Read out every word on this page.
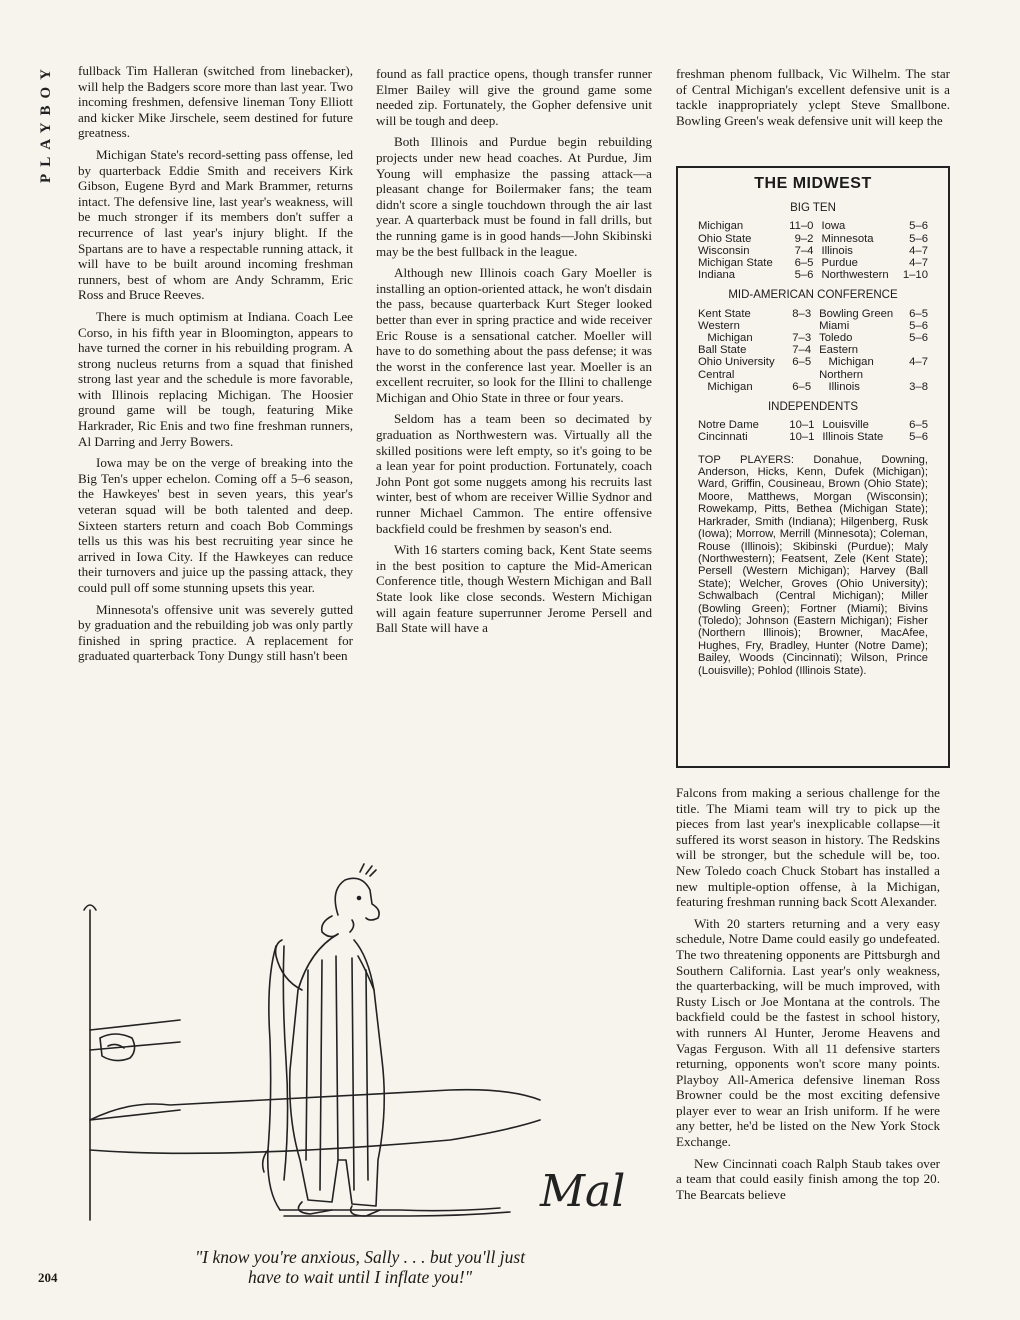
PLAYBOY	fullback Tim Halleran (switched from linebacker), will help the Badgers score more than last year. Two incoming freshmen, defensive lineman Tony Elliott and kicker Mike Jirschele, seem destined for future greatness.

Michigan State's record-setting pass offense, led by quarterback Eddie Smith and receivers Kirk Gibson, Eugene Byrd and Mark Brammer, returns intact. The defensive line, last year's weakness, will be much stronger if its members don't suffer a recurrence of last year's injury blight. If the Spartans are to have a respectable running attack, it will have to be built around incoming freshman runners, best of whom are Andy Schramm, Eric Ross and Bruce Reeves.

There is much optimism at Indiana. Coach Lee Corso, in his fifth year in Bloomington, appears to have turned the corner in his rebuilding program. A strong nucleus returns from a squad that finished strong last year and the schedule is more favorable, with Illinois replacing Michigan. The Hoosier ground game will be tough, featuring Mike Harkrader, Ric Enis and two fine freshman runners, Al Darring and Jerry Bowers.

Iowa may be on the verge of breaking into the Big Ten's upper echelon. Coming off a 5–6 season, the Hawkeyes' best in seven years, this year's veteran squad will be both talented and deep. Sixteen starters return and coach Bob Commings tells us this was his best recruiting year since he arrived in Iowa City. If the Hawkeyes can reduce their turnovers and juice up the passing attack, they could pull off some stunning upsets this year.

Minnesota's offensive unit was severely gutted by graduation and the rebuilding job was only partly finished in spring practice. A replacement for graduated quarterback Tony Dungy still hasn't been

found as fall practice opens, though transfer runner Elmer Bailey will give the ground game some needed zip. Fortunately, the Gopher defensive unit will be tough and deep.

Both Illinois and Purdue begin rebuilding projects under new head coaches. At Purdue, Jim Young will emphasize the passing attack—a pleasant change for Boilermaker fans; the team didn't score a single touchdown through the air last year. A quarterback must be found in fall drills, but the running game is in good hands—John Skibinski may be the best fullback in the league.

Although new Illinois coach Gary Moeller is installing an option-oriented attack, he won't disdain the pass, because quarterback Kurt Steger looked better than ever in spring practice and wide receiver Eric Rouse is a sensational catcher. Moeller will have to do something about the pass defense; it was the worst in the conference last year. Moeller is an excellent recruiter, so look for the Illini to challenge Michigan and Ohio State in three or four years.

Seldom has a team been so decimated by graduation as Northwestern was. Virtually all the skilled positions were left empty, so it's going to be a lean year for point production. Fortunately, coach John Pont got some nuggets among his recruits last winter, best of whom are receiver Willie Sydnor and runner Michael Cammon. The entire offensive backfield could be freshmen by season's end.

With 16 starters coming back, Kent State seems in the best position to capture the Mid-American Conference title, though Western Michigan and Ball State look like close seconds. Western Michigan will again feature superrunner Jerome Persell and Ball State will have a

freshman phenom fullback, Vic Wilhelm. The star of Central Michigan's excellent defensive unit is a tackle inappropriately yclept Steve Smallbone. Bowling Green's weak defensive unit will keep the

THE MIDWEST
BIG TEN
Michigan	11–0	Iowa	5–6
Ohio State	9–2	Minnesota	5–6
Wisconsin	7–4	Illinois	4–7
Michigan State	6–5	Purdue	4–7
Indiana	5–6	Northwestern	1–10
MID-AMERICAN CONFERENCE
Kent State	8–3	Bowling Green	6–5
Western		Miami	5–6
Michigan	7–3	Toledo	5–6
Ball State	7–4	Eastern	
Ohio University	6–5	Michigan	4–7
Central		Northern	
Michigan	6–5	Illinois	3–8
INDEPENDENTS
Notre Dame	10–1	Louisville	6–5
Cincinnati	10–1	Illinois State	5–6
TOP PLAYERS: Donahue, Downing, Anderson, Hicks, Kenn, Dufek (Michigan); Ward, Griffin, Cousineau, Brown (Ohio State); Moore, Matthews, Morgan (Wisconsin); Rowekamp, Pitts, Bethea (Michigan State); Harkrader, Smith (Indiana); Hilgenberg, Rusk (Iowa); Morrow, Merrill (Minnesota); Coleman, Rouse (Illinois); Skibinski (Purdue); Maly (Northwestern); Featsent, Zele (Kent State); Persell (Western Michigan); Harvey (Ball State); Welcher, Groves (Ohio University); Schwalbach (Central Michigan); Miller (Bowling Green); Fortner (Miami); Bivins (Toledo); Johnson (Eastern Michigan); Fisher (Northern Illinois); Browner, MacAfee, Hughes, Fry, Bradley, Hunter (Notre Dame); Bailey, Woods (Cincinnati); Wilson, Prince (Louisville); Pohlod (Illinois State).

Falcons from making a serious challenge for the title. The Miami team will try to pick up the pieces from last year's inexplicable collapse—it suffered its worst season in history. The Redskins will be stronger, but the schedule will be, too. New Toledo coach Chuck Stobart has installed a new multiple-option offense, à la Michigan, featuring freshman running back Scott Alexander.

With 20 starters returning and a very easy schedule, Notre Dame could easily go undefeated. The two threatening opponents are Pittsburgh and Southern California. Last year's only weakness, the quarterbacking, will be much improved, with Rusty Lisch or Joe Montana at the controls. The backfield could be the fastest in school history, with runners Al Hunter, Jerome Heavens and Vagas Ferguson. With all 11 defensive starters returning, opponents won't score many points. Playboy All-America defensive lineman Ross Browner could be the most exciting defensive player ever to wear an Irish uniform. If he were any better, he'd be listed on the New York Stock Exchange.

New Cincinnati coach Ralph Staub takes over a team that could easily finish among the top 20. The Bearcats believe

Mal
"I know you're anxious, Sally . . . but you'll just
have to wait until I inflate you!"
204
